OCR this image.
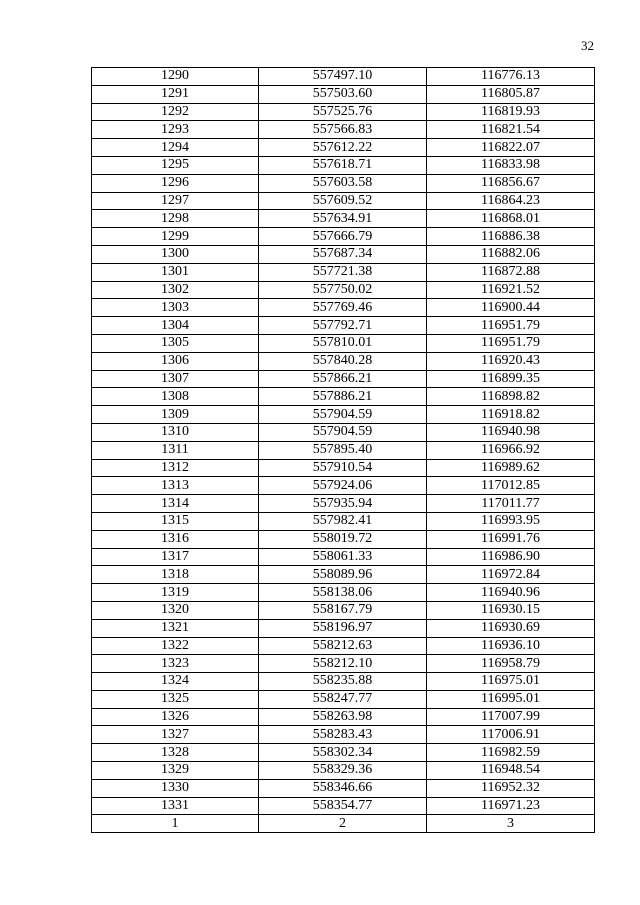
32
1290	557497.10	116776.13
1291	557503.60	116805.87
1292	557525.76	116819.93
1293	557566.83	116821.54
1294	557612.22	116822.07
1295	557618.71	116833.98
1296	557603.58	116856.67
1297	557609.52	116864.23
1298	557634.91	116868.01
1299	557666.79	116886.38
1300	557687.34	116882.06
1301	557721.38	116872.88
1302	557750.02	116921.52
1303	557769.46	116900.44
1304	557792.71	116951.79
1305	557810.01	116951.79
1306	557840.28	116920.43
1307	557866.21	116899.35
1308	557886.21	116898.82
1309	557904.59	116918.82
1310	557904.59	116940.98
1311	557895.40	116966.92
1312	557910.54	116989.62
1313	557924.06	117012.85
1314	557935.94	117011.77
1315	557982.41	116993.95
1316	558019.72	116991.76
1317	558061.33	116986.90
1318	558089.96	116972.84
1319	558138.06	116940.96
1320	558167.79	116930.15
1321	558196.97	116930.69
1322	558212.63	116936.10
1323	558212.10	116958.79
1324	558235.88	116975.01
1325	558247.77	116995.01
1326	558263.98	117007.99
1327	558283.43	117006.91
1328	558302.34	116982.59
1329	558329.36	116948.54
1330	558346.66	116952.32
1331	558354.77	116971.23
1	2	3
